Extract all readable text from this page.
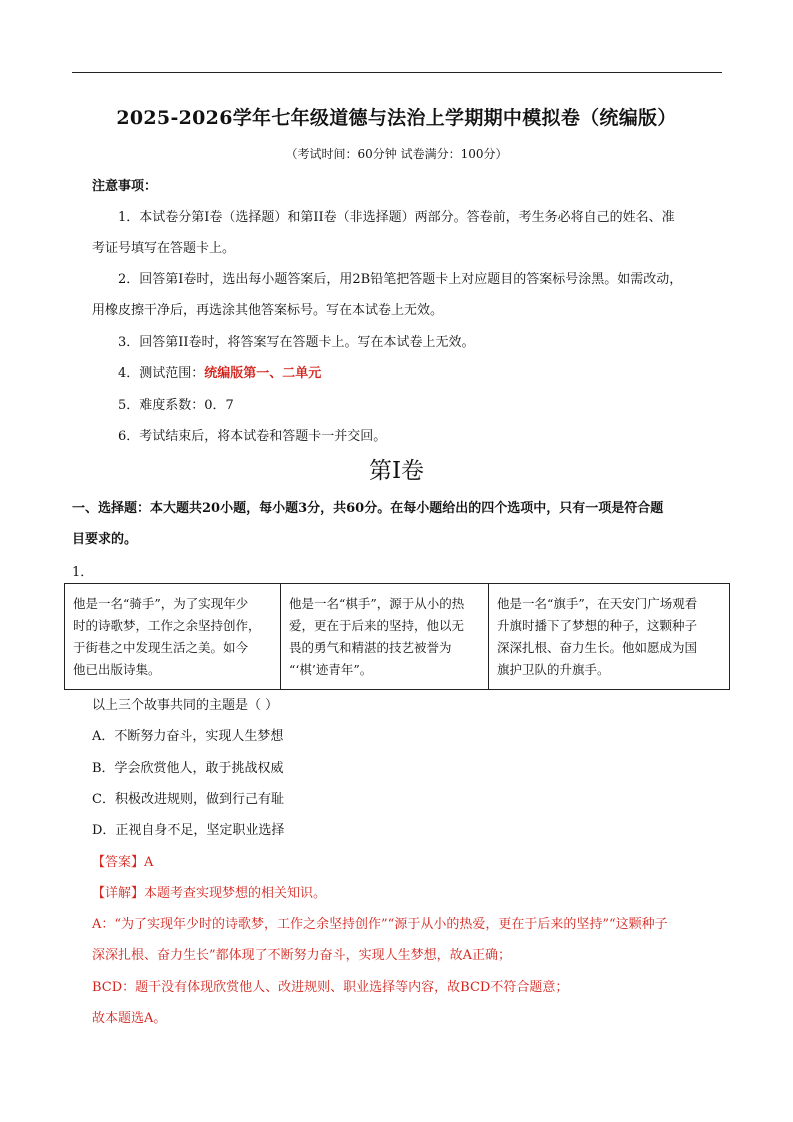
2025-2026学年七年级道德与法治上学期期中模拟卷（统编版）
（考试时间：60分钟 试卷满分：100分）
注意事项：
1．本试卷分第I卷（选择题）和第II卷（非选择题）两部分。答卷前，考生务必将自己的姓名、准
考证号填写在答题卡上。
2．回答第I卷时，选出每小题答案后，用2B铅笔把答题卡上对应题目的答案标号涂黑。如需改动，
用橡皮擦干净后，再选涂其他答案标号。写在本试卷上无效。
3．回答第II卷时，将答案写在答题卡上。写在本试卷上无效。
4．测试范围：统编版第一、二单元
5．难度系数：0．7
6．考试结束后，将本试卷和答题卡一并交回。
第I卷
一、选择题：本大题共20小题，每小题3分，共60分。在每小题给出的四个选项中，只有一项是符合题
目要求的。
1．
他是一名“骑手”，为了实现年少
时的诗歌梦，工作之余坚持创作，
于街巷之中发现生活之美。如今
他已出版诗集。

他是一名“棋手”，源于从小的热
爱，更在于后来的坚持，他以无
畏的勇气和精湛的技艺被誉为
“‘棋’迹青年”。

他是一名“旗手”，在天安门广场观看
升旗时播下了梦想的种子，这颗种子
深深扎根、奋力生长。他如愿成为国
旗护卫队的升旗手。
以上三个故事共同的主题是（ ）
A．不断努力奋斗，实现人生梦想
B．学会欣赏他人，敢于挑战权威
C．积极改进规则，做到行己有耻
D．正视自身不足，坚定职业选择
【答案】A
【详解】本题考查实现梦想的相关知识。
A：“为了实现年少时的诗歌梦，工作之余坚持创作”“源于从小的热爱，更在于后来的坚持”“这颗种子
深深扎根、奋力生长”都体现了不断努力奋斗，实现人生梦想，故A正确；
BCD：题干没有体现欣赏他人、改进规则、职业选择等内容，故BCD不符合题意；
故本题选A。
